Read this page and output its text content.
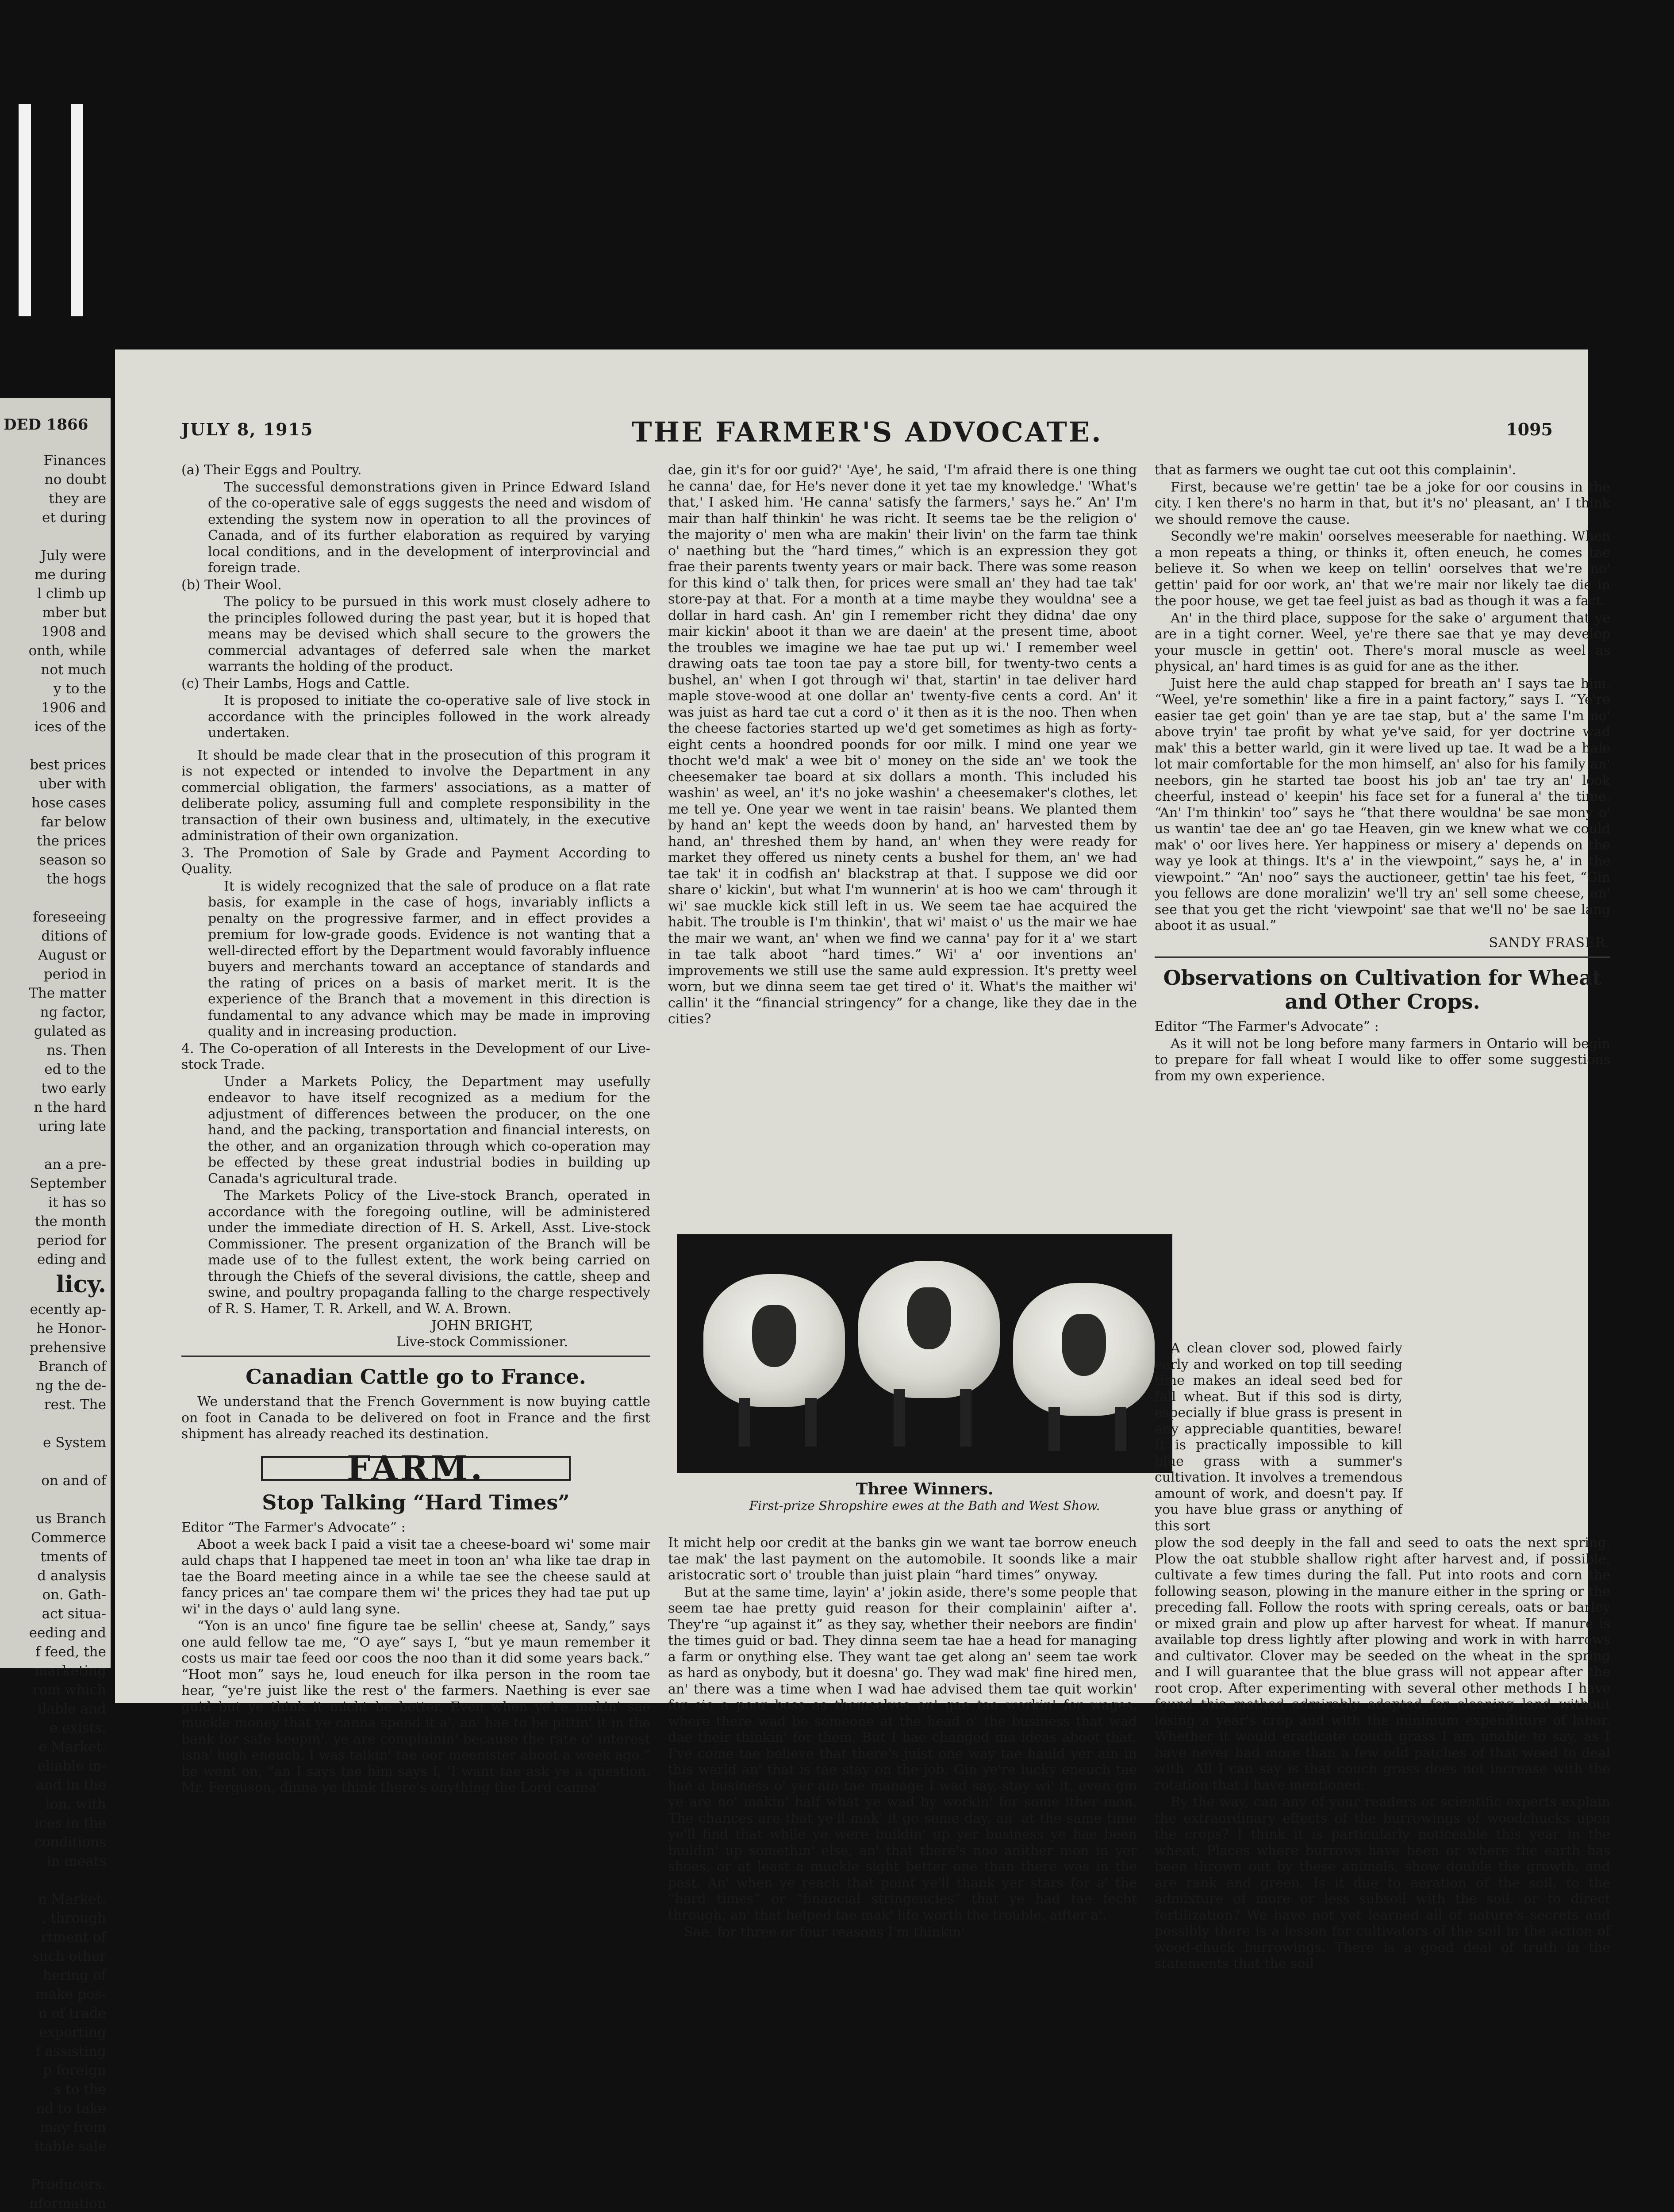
DED 1866
Finances
no doubt
they are
et during

July were
me during
l climb up
mber but
1908 and
onth, while
not much
y to the
1906 and
ices of the

best prices
uber with
hose cases
far below
the prices
season so
the hogs

foreseeing
ditions of
August or
period in
The matter
ng factor,
gulated as
ns. Then
ed to the
two early
n the hard
uring late

an a pre-
September
it has so
the month
period for
eding and
licy.
ecently ap-
he Honor-
prehensive
Branch of
ng the de-
rest. The

e System

on and of

us Branch
Commerce
tments of
d analysis
on. Gath-
act situa-
eeding and
f feed, the
marketing
rom which
ilable and
e exists.
e Market.
eliable in-
and in the
ion, with
ices in the
conditions
in meats

n Market.
, through
rtment of
such other
hering of
make pos-
n of trade
exporting
f assisting
p foreign
s to the
nd to take
may from
itable sale

Producers.
nformation

THE FARMER'S ADVOCATE.
JULY 8, 1915	1095

(a) Their Eggs and Poultry.

The successful demonstrations given in Prince Edward Island of the co-operative sale of eggs suggests the need and wisdom of extending the system now in operation to all the provinces of Canada, and of its further elaboration as required by varying local conditions, and in the development of interprovincial and foreign trade.

(b) Their Wool.

The policy to be pursued in this work must closely adhere to the principles followed during the past year, but it is hoped that means may be devised which shall secure to the growers the commercial advantages of deferred sale when the market warrants the holding of the product.

(c) Their Lambs, Hogs and Cattle.

It is proposed to initiate the co-operative sale of live stock in accordance with the principles followed in the work already undertaken.

It should be made clear that in the prosecution of this program it is not expected or intended to involve the Department in any commercial obligation, the farmers' associations, as a matter of deliberate policy, assuming full and complete responsibility in the transaction of their own business and, ultimately, in the executive administration of their own organization.

3. The Promotion of Sale by Grade and Payment According to Quality.

It is widely recognized that the sale of produce on a flat rate basis, for example in the case of hogs, invariably inflicts a penalty on the progressive farmer, and in effect provides a premium for low-grade goods. Evidence is not wanting that a well-directed effort by the Department would favorably influence buyers and merchants toward an acceptance of standards and the rating of prices on a basis of market merit. It is the experience of the Branch that a movement in this direction is fundamental to any advance which may be made in improving quality and in increasing production.

4. The Co-operation of all Interests in the Development of our Live-stock Trade.

Under a Markets Policy, the Department may usefully endeavor to have itself recognized as a medium for the adjustment of differences between the producer, on the one hand, and the packing, transportation and financial interests, on the other, and an organization through which co-operation may be effected by these great industrial bodies in building up Canada's agricultural trade.

The Markets Policy of the Live-stock Branch, operated in accordance with the foregoing outline, will be administered under the immediate direction of H. S. Arkell, Asst. Live-stock Commissioner. The present organization of the Branch will be made use of to the fullest extent, the work being carried on through the Chiefs of the several divisions, the cattle, sheep and swine, and poultry propaganda falling to the charge respectively of R. S. Hamer, T. R. Arkell, and W. A. Brown.

JOHN BRIGHT,
Live-stock Commissioner.
Canadian Cattle go to France.

We understand that the French Government is now buying cattle on foot in Canada to be delivered on foot in France and the first shipment has already reached its destination.

FARM.
Stop Talking “Hard Times”

Editor “The Farmer's Advocate” :

Aboot a week back I paid a visit tae a cheese-board wi' some mair auld chaps that I happened tae meet in toon an' wha like tae drap in tae the Board meeting aince in a while tae see the cheese sauld at fancy prices an' tae compare them wi' the prices they had tae put up wi' in the days o' auld lang syne.

“Yon is an unco' fine figure tae be sellin' cheese at, Sandy,” says one auld fellow tae me, “O aye” says I, “but ye maun remember it costs us mair tae feed oor coos the noo than it did some years back.” “Hoot mon” says he, loud eneuch for ilka person in the room tae hear, “ye're juist like the rest o' the farmers. Naething is ever sae guid but ye think it micht be better. Even when ye're makin' sae muckle money that ye canna spend it a', an' hae to be pittin' it in the bank for safe keepin', ye are complainin' because the rate o' interest isna' high eneuch. I was talkin' tae oor meenister aboot a week ago,” he went on, “an I says tae him says I, 'I want tae ask ye a question, Mr. Ferguson, dinna ye think there's onything the Lord canna'

dae, gin it's for oor guid?' 'Aye', he said, 'I'm afraid there is one thing he canna' dae, for He's never done it yet tae my knowledge.' 'What's that,' I asked him. 'He canna' satisfy the farmers,' says he.” An' I'm mair than half thinkin' he was richt. It seems tae be the religion o' the majority o' men wha are makin' their livin' on the farm tae think o' naething but the “hard times,” which is an expression they got frae their parents twenty years or mair back. There was some reason for this kind o' talk then, for prices were small an' they had tae tak' store-pay at that. For a month at a time maybe they wouldna' see a dollar in hard cash. An' gin I remember richt they didna' dae ony mair kickin' aboot it than we are daein' at the present time, aboot the troubles we imagine we hae tae put up wi.' I remember weel drawing oats tae toon tae pay a store bill, for twenty-two cents a bushel, an' when I got through wi' that, startin' in tae deliver hard maple stove-wood at one dollar an' twenty-five cents a cord. An' it was juist as hard tae cut a cord o' it then as it is the noo. Then when the cheese factories started up we'd get sometimes as high as forty-eight cents a hoondred poonds for oor milk. I mind one year we thocht we'd mak' a wee bit o' money on the side an' we took the cheesemaker tae board at six dollars a month. This included his washin' as weel, an' it's no joke washin' a cheesemaker's clothes, let me tell ye. One year we went in tae raisin' beans. We planted them by hand an' kept the weeds doon by hand, an' harvested them by hand, an' threshed them by hand, an' when they were ready for market they offered us ninety cents a bushel for them, an' we had tae tak' it in codfish an' blackstrap at that. I suppose we did oor share o' kickin', but what I'm wunnerin' at is hoo we cam' through it wi' sae muckle kick still left in us. We seem tae hae acquired the habit. The trouble is I'm thinkin', that wi' maist o' us the mair we hae the mair we want, an' when we find we canna' pay for it a' we start in tae talk aboot “hard times.” Wi' a' oor inventions an' improvements we still use the same auld expression. It's pretty weel worn, but we dinna seem tae get tired o' it. What's the maither wi' callin' it the “financial stringency” for a change, like they dae in the cities?

Three Winners.
First-prize Shropshire ewes at the Bath and West Show.

It micht help oor credit at the banks gin we want tae borrow eneuch tae mak' the last payment on the automobile. It soonds like a mair aristocratic sort o' trouble than juist plain “hard times” onyway.

But at the same time, layin' a' jokin aside, there's some people that seem tae hae pretty guid reason for their complainin' aifter a'. They're “up against it” as they say, whether their neebors are findin' the times guid or bad. They dinna seem tae hae a head for managing a farm or onything else. They want tae get along an' seem tae work as hard as onybody, but it doesna' go. They wad mak' fine hired men, an' there was a time when I wad hae advised them tae quit workin' for sic a poor boss as themselves an' gae tae workin' for wages, where there wad be someone at the head o' the business that wad dae their thinkin' for them. But I hae changed ma ideas aboot that. I've come tae believe that there's juist one way tae hauld yer ain in this warld an' that is tae stay on the job. Gin ye're lucky eneuch tae hae a business o' yer ain tae manage I wad say, stay wi' it, even gin ye are no' makin' half what ye wad by workin' for some ither mon. The chances are that ye'll mak' it go some day, an' at the same time ye'll find that while ye were buildin' up yer business ye hae been buildin' up somethin' else, an' that there's noo anither mon in yer shoes, or at least a muckle sight better one than there was in the past. An' when ye reach that point ye'll thank yer stars for a' the “hard times” or “financial stringencies” that ye had tae fecht through, an' that helped tae mak' life worth the trouble, aifter a'.

Sae, for three or four reasons I'm thinkin'

that as farmers we ought tae cut oot this complainin'.

First, because we're gettin' tae be a joke for oor cousins in the city. I ken there's no harm in that, but it's no' pleasant, an' I think we should remove the cause.

Secondly we're makin' oorselves meeserable for naething. When a mon repeats a thing, or thinks it, often eneuch, he comes tae believe it. So when we keep on tellin' oorselves that we're no' gettin' paid for oor work, an' that we're mair nor likely tae die in the poor house, we get tae feel juist as bad as though it was a fact.

An' in the third place, suppose for the sake o' argument that ye are in a tight corner. Weel, ye're there sae that ye may develop your muscle in gettin' oot. There's moral muscle as weel as physical, an' hard times is as guid for ane as the ither.

Juist here the auld chap stapped for breath an' I says tae him, “Weel, ye're somethin' like a fire in a paint factory,” says I. “Ye're easier tae get goin' than ye are tae stap, but a' the same I'm no' above tryin' tae profit by what ye've said, for yer doctrine wad mak' this a better warld, gin it were lived up tae. It wad be a hale lot mair comfortable for the mon himself, an' also for his family an' neebors, gin he started tae boost his job an' tae try an' look cheerful, instead o' keepin' his face set for a funeral a' the time. “An' I'm thinkin' too” says he “that there wouldna' be sae mony o' us wantin' tae dee an' go tae Heaven, gin we knew what we could mak' o' oor lives here. Yer happiness or misery a' depends on the way ye look at things. It's a' in the viewpoint,” says he, a' in the viewpoint.” “An' noo” says the auctioneer, gettin' tae his feet, “Gin you fellows are done moralizin' we'll try an' sell some cheese, an' see that you get the richt 'viewpoint' sae that we'll no' be sae lang aboot it as usual.”

SANDY FRASER.
Observations on Cultivation for Wheat and Other Crops.

Editor “The Farmer's Advocate” :

As it will not be long before many farmers in Ontario will begin to prepare for fall wheat I would like to offer some suggestions from my own experience.

A clean clover sod, plowed fairly early and worked on top till seeding time makes an ideal seed bed for fall wheat. But if this sod is dirty, especially if blue grass is present in any appreciable quantities, beware! It is practically impossible to kill blue grass with a summer's cultivation. It involves a tremendous amount of work, and doesn't pay. If you have blue grass or anything of this sort

plow the sod deeply in the fall and seed to oats the next spring. Plow the oat stubble shallow right after harvest and, if possible, cultivate a few times during the fall. Put into roots and corn the following season, plowing in the manure either in the spring or the preceding fall. Follow the roots with spring cereals, oats or barley or mixed grain and plow up after harvest for wheat. If manure is available top dress lightly after plowing and work in with harrows and cultivator. Clover may be seeded on the wheat in the spring and I will guarantee that the blue grass will not appear after the root crop. After experimenting with several other methods I have found this method admirably adapted for cleaning land without losing a year's crop and with the minimum expenditure of labor. Whether it would eradicate couch grass I am unable to say, as I have never had more than a few odd patches of that weed to deal with. All I can say is that couch grass does not increase with the rotation that I have mentioned.

By the way, can any of your readers or scientific experts explain the extraordinary effects of the burrowings of woodchucks upon the crops? I think it is particularly noticeable this year in the wheat. Places where burrows have been or where the earth has been thrown out by these animals, show double the growth, and are rank and green. Is it due to aeration of the soil, to the admixture of more or less subsoil with the soil, or to direct fertilization? We have not yet learned all of nature's secrets and possibly there is a lesson for cultivators of the soil in the action of wood-chuck burrowings. There is a good deal of truth in the statements that the soil
